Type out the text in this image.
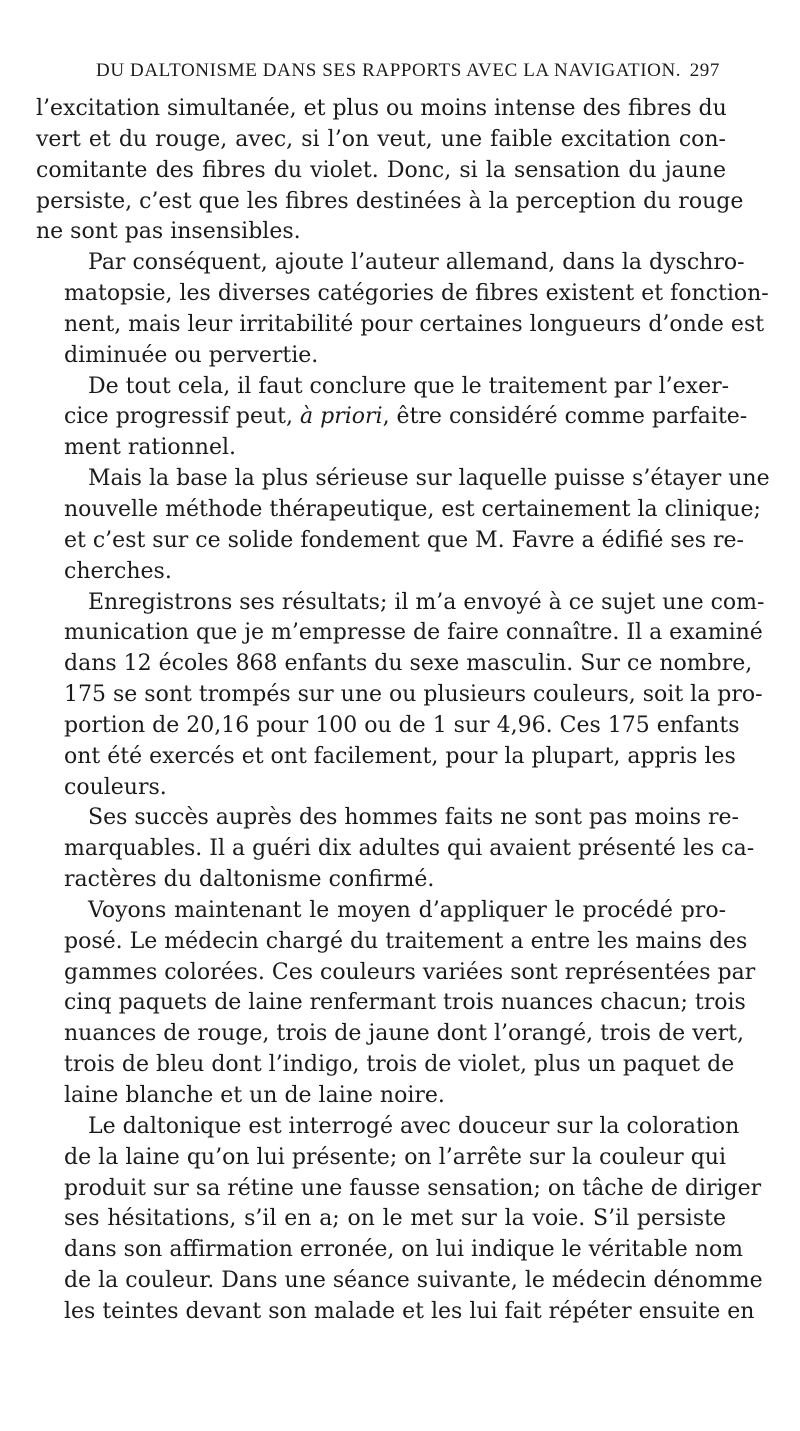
DU DALTONISME DANS SES RAPPORTS AVEC LA NAVIGATION. 297

l’excitation simultanée, et plus ou moins intense des fibres du
vert et du rouge, avec, si l’on veut, une faible excitation con-
comitante des fibres du violet. Donc, si la sensation du jaune
persiste, c’est que les fibres destinées à la perception du rouge
ne sont pas insensibles.

Par conséquent, ajoute l’auteur allemand, dans la dyschro-
matopsie, les diverses catégories de fibres existent et fonction-
nent, mais leur irritabilité pour certaines longueurs d’onde est
diminuée ou pervertie.

De tout cela, il faut conclure que le traitement par l’exer-
cice progressif peut, à priori, être considéré comme parfaite-
ment rationnel.

Mais la base la plus sérieuse sur laquelle puisse s’étayer une
nouvelle méthode thérapeutique, est certainement la clinique;
et c’est sur ce solide fondement que M. Favre a édifié ses re-
cherches.

Enregistrons ses résultats; il m’a envoyé à ce sujet une com-
munication que je m’empresse de faire connaître. Il a examiné
dans 12 écoles 868 enfants du sexe masculin. Sur ce nombre,
175 se sont trompés sur une ou plusieurs couleurs, soit la pro-
portion de 20,16 pour 100 ou de 1 sur 4,96. Ces 175 enfants
ont été exercés et ont facilement, pour la plupart, appris les
couleurs.

Ses succès auprès des hommes faits ne sont pas moins re-
marquables. Il a guéri dix adultes qui avaient présenté les ca-
ractères du daltonisme confirmé.

Voyons maintenant le moyen d’appliquer le procédé pro-
posé. Le médecin chargé du traitement a entre les mains des
gammes colorées. Ces couleurs variées sont représentées par
cinq paquets de laine renfermant trois nuances chacun; trois
nuances de rouge, trois de jaune dont l’orangé, trois de vert,
trois de bleu dont l’indigo, trois de violet, plus un paquet de
laine blanche et un de laine noire.

Le daltonique est interrogé avec douceur sur la coloration
de la laine qu’on lui présente; on l’arrête sur la couleur qui
produit sur sa rétine une fausse sensation; on tâche de diriger
ses hésitations, s’il en a; on le met sur la voie. S’il persiste
dans son affirmation erronée, on lui indique le véritable nom
de la couleur. Dans une séance suivante, le médecin dénomme
les teintes devant son malade et les lui fait répéter ensuite en
